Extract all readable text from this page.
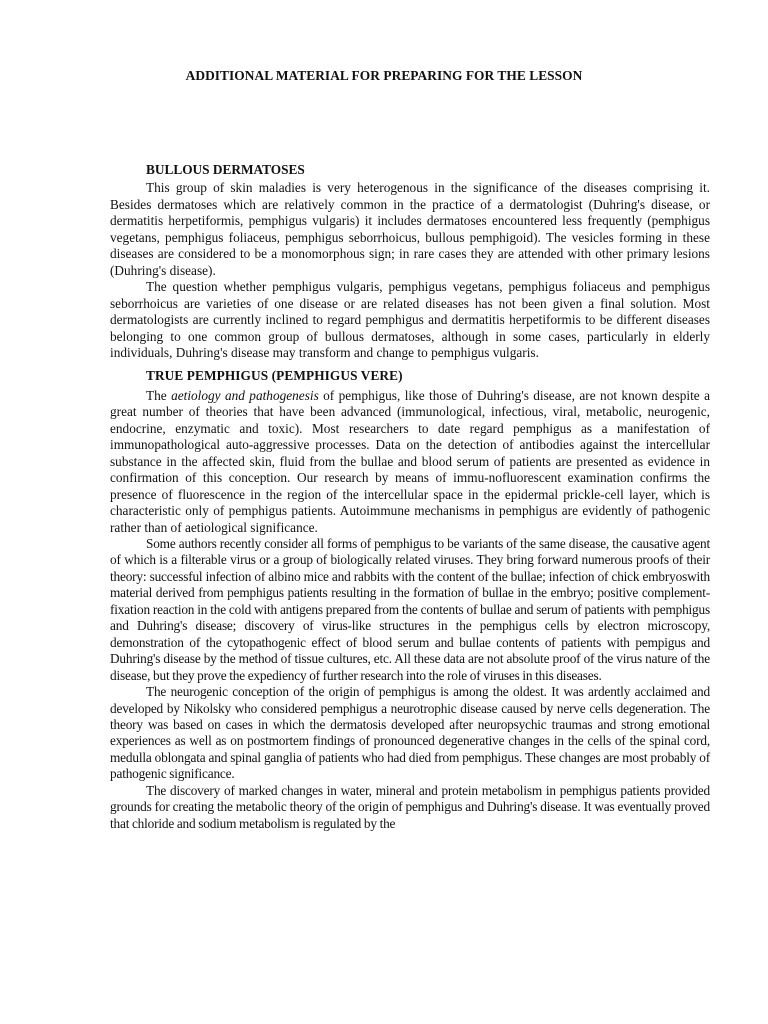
ADDITIONAL MATERIAL FOR PREPARING FOR THE LESSON
BULLOUS DERMATOSES

This group of skin maladies is very heterogenous in the significance of the diseases comprising it. Besides dermatoses which are relatively common in the practice of a dermatologist (Duhring's disease, or dermatitis herpetiformis, pemphigus vulgaris) it includes dermatoses encountered less frequently (pemphigus vegetans, pemphigus foliaceus, pemphigus seborrhoicus, bullous pemphigoid). The vesicles forming in these diseases are considered to be a monomorphous sign; in rare cases they are attended with other primary lesions (Duhring's disease).

The question whether pemphigus vulgaris, pemphigus vegetans, pemphigus foliaceus and pemphigus seborrhoicus are varieties of one disease or are related diseases has not been given a final solution. Most dermatologists are currently inclined to regard pemphigus and dermatitis herpetiformis to be different diseases belonging to one common group of bullous dermatoses, although in some cases, particularly in elderly individuals, Duhring's disease may transform and change to pemphigus vulgaris.

TRUE PEMPHIGUS (PEMPHIGUS VERE)

The aetiology and pathogenesis of pemphigus, like those of Duhring's disease, are not known despite a great number of theories that have been advanced (immunological, infectious, viral, metabolic, neurogenic, endocrine, enzymatic and toxic). Most researchers to date regard pemphigus as a manifestation of immunopathological auto-aggressive processes. Data on the detection of antibodies against the intercellular substance in the affected skin, fluid from the bullae and blood serum of patients are presented as evidence in confirmation of this conception. Our research by means of immu-nofluorescent examination confirms the presence of fluorescence in the region of the intercellular space in the epidermal prickle-cell layer, which is characteristic only of pemphigus patients. Autoimmune mechanisms in pemphigus are evidently of pathogenic rather than of aetiological significance.

Some authors recently consider all forms of pemphigus to be variants of the same disease, the causative agent of which is a filterable virus or a group of biologically related viruses. They bring forward numerous proofs of their theory: successful infection of albino mice and rabbits with the content of the bullae; infection of chick embryoswith material derived from pemphigus patients resulting in the formation of bullae in the embryo; positive complement-fixation reaction in the cold with antigens prepared from the contents of bullae and serum of patients with pemphigus and Duhring's disease; discovery of virus-like structures in the pemphigus cells by electron microscopy, demonstration of the cytopathogenic effect of blood serum and bullae contents of patients with pempigus and Duhring's disease by the method of tissue cultures, etc. All these data are not absolute proof of the virus nature of the disease, but they prove the expediency of further research into the role of viruses in this diseases.

The neurogenic conception of the origin of pemphigus is among the oldest. It was ardently acclaimed and developed by Nikolsky who considered pemphigus a neurotrophic disease caused by nerve cells degeneration. The theory was based on cases in which the dermatosis developed after neuropsychic traumas and strong emotional experiences as well as on postmortem findings of pronounced degenerative changes in the cells of the spinal cord, medulla oblongata and spinal ganglia of patients who had died from pemphigus. These changes are most probably of pathogenic significance.

The discovery of marked changes in water, mineral and protein metabolism in pemphigus patients provided grounds for creating the metabolic theory of the origin of pemphigus and Duhring's disease. It was eventually proved that chloride and sodium metabolism is regulated by the
